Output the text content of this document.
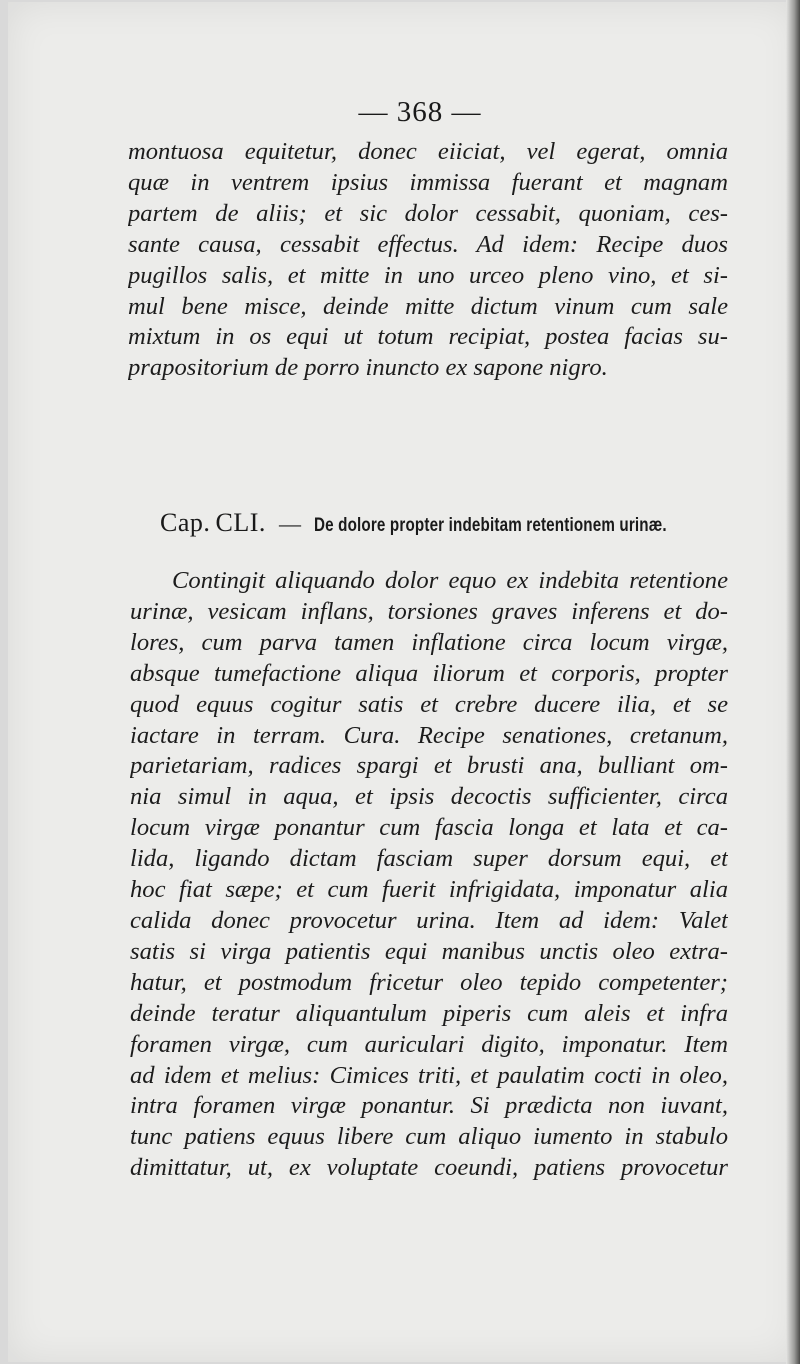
— 368 —
montuosa equitetur, donec eiiciat, vel egerat, omnia
quæ in ventrem ipsius immissa fuerant et magnam
partem de aliis; et sic dolor cessabit, quoniam, ces-
sante causa, cessabit effectus. Ad idem: Recipe duos
pugillos salis, et mitte in uno urceo pleno vino, et si-
mul bene misce, deinde mitte dictum vinum cum sale
mixtum in os equi ut totum recipiat, postea facias su-
prapositorium de porro inuncto ex sapone nigro.
Cap. CLI. — De dolore propter indebitam retentionem urinæ.
Contingit aliquando dolor equo ex indebita retentione
urinæ, vesicam inflans, torsiones graves inferens et do-
lores, cum parva tamen inflatione circa locum virgæ,
absque tumefactione aliqua iliorum et corporis, propter
quod equus cogitur satis et crebre ducere ilia, et se
iactare in terram. Cura. Recipe senationes, cretanum,
parietariam, radices spargi et brusti ana, bulliant om-
nia simul in aqua, et ipsis decoctis sufficienter, circa
locum virgæ ponantur cum fascia longa et lata et ca-
lida, ligando dictam fasciam super dorsum equi, et
hoc fiat sæpe; et cum fuerit infrigidata, imponatur alia
calida donec provocetur urina. Item ad idem: Valet
satis si virga patientis equi manibus unctis oleo extra-
hatur, et postmodum fricetur oleo tepido competenter;
deinde teratur aliquantulum piperis cum aleis et infra
foramen virgæ, cum auriculari digito, imponatur. Item
ad idem et melius: Cimices triti, et paulatim cocti in oleo,
intra foramen virgæ ponantur. Si prædicta non iuvant,
tunc patiens equus libere cum aliquo iumento in stabulo
dimittatur, ut, ex voluptate coeundi, patiens provocetur
